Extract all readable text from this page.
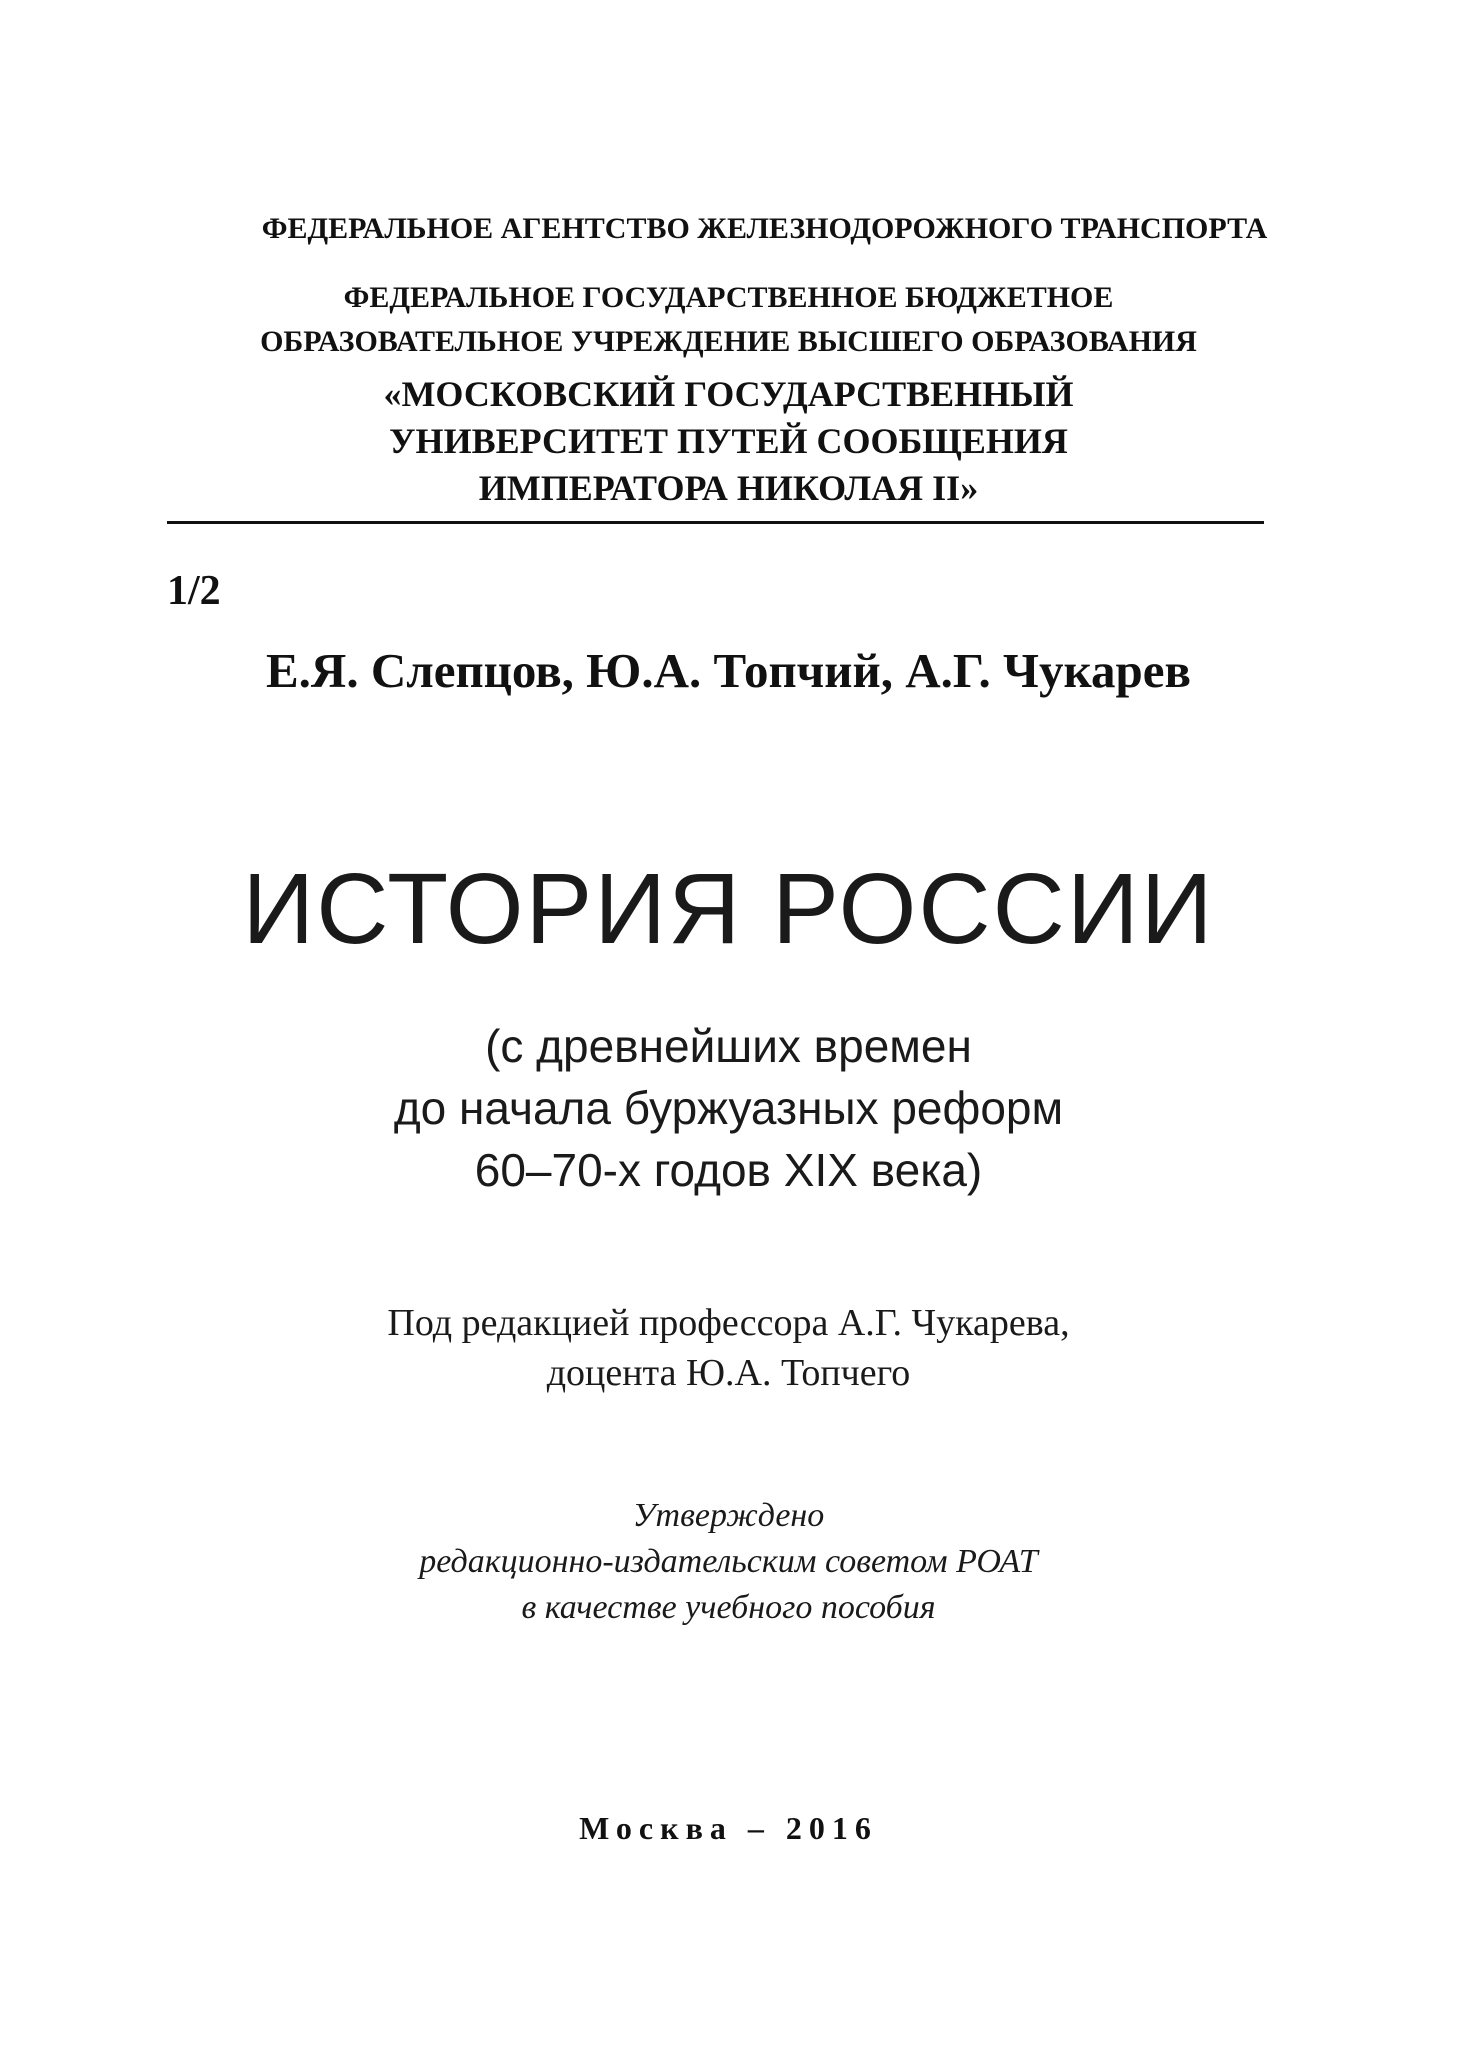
ФЕДЕРАЛЬНОЕ АГЕНТСТВО ЖЕЛЕЗНОДОРОЖНОГО ТРАНСПОРТА
ФЕДЕРАЛЬНОЕ ГОСУДАРСТВЕННОЕ БЮДЖЕТНОЕ
ОБРАЗОВАТЕЛЬНОЕ УЧРЕЖДЕНИЕ ВЫСШЕГО ОБРАЗОВАНИЯ
«МОСКОВСКИЙ ГОСУДАРСТВЕННЫЙ
УНИВЕРСИТЕТ ПУТЕЙ СООБЩЕНИЯ
ИМПЕРАТОРА НИКОЛАЯ II»
1/2
Е.Я. Слепцов, Ю.А. Топчий, А.Г. Чукарев
ИСТОРИЯ РОССИИ
(с древнейших времен
до начала буржуазных реформ
60–70-х годов XIX века)
Под редакцией профессора А.Г. Чукарева,
доцента Ю.А. Топчего
Утверждено
редакционно-издательским советом РОАТ
в качестве учебного пособия
Москва – 2016
